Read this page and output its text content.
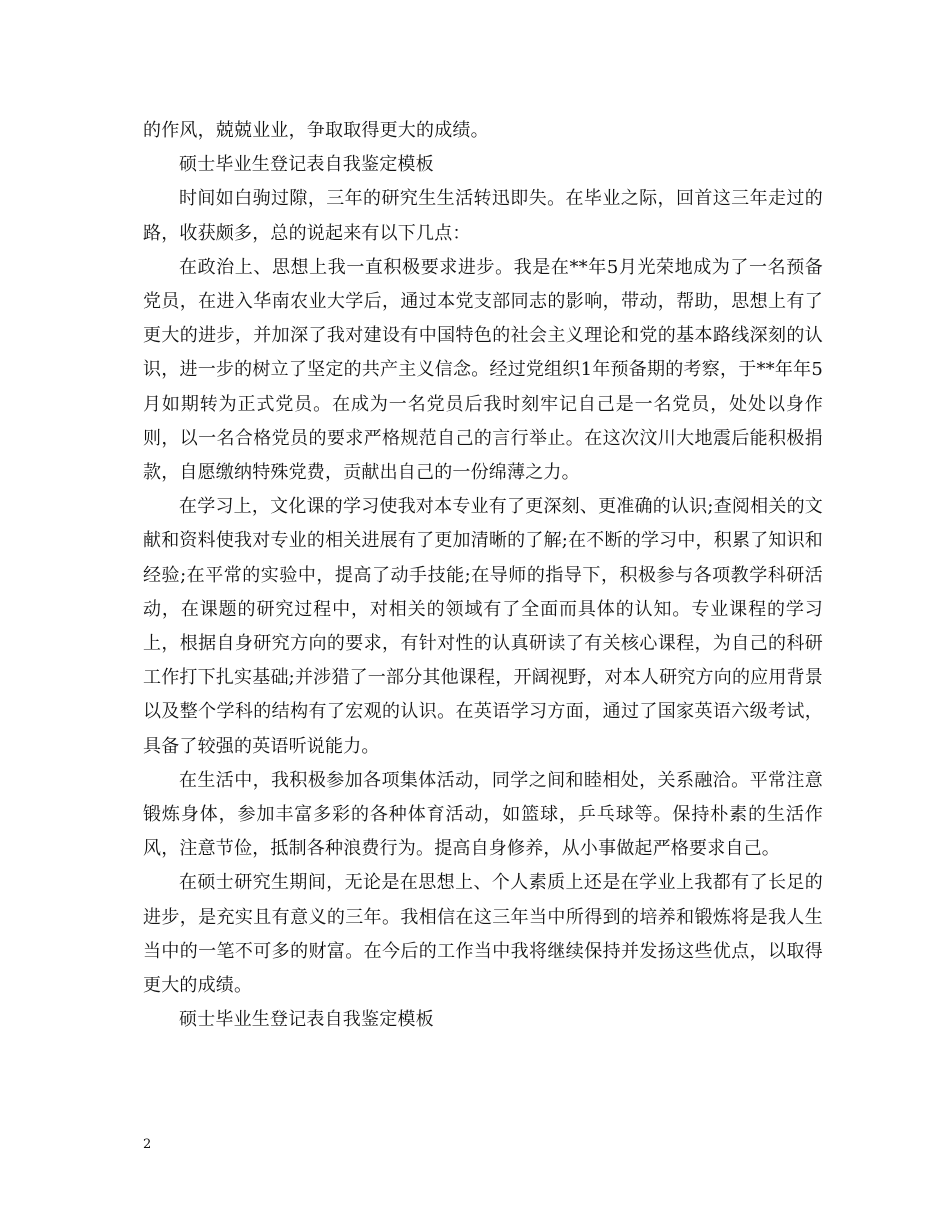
的作风，兢兢业业，争取取得更大的成绩。

硕士毕业生登记表自我鉴定模板

时间如白驹过隙，三年的研究生生活转迅即失。在毕业之际，回首这三年走过的路，收获颇多，总的说起来有以下几点：

在政治上、思想上我一直积极要求进步。我是在**年5月光荣地成为了一名预备党员，在进入华南农业大学后，通过本党支部同志的影响，带动，帮助，思想上有了更大的进步，并加深了我对建设有中国特色的社会主义理论和党的基本路线深刻的认识，进一步的树立了坚定的共产主义信念。经过党组织1年预备期的考察，于**年年5月如期转为正式党员。在成为一名党员后我时刻牢记自己是一名党员，处处以身作则，以一名合格党员的要求严格规范自己的言行举止。在这次汶川大地震后能积极捐款，自愿缴纳特殊党费，贡献出自己的一份绵薄之力。

在学习上，文化课的学习使我对本专业有了更深刻、更准确的认识;查阅相关的文献和资料使我对专业的相关进展有了更加清晰的了解;在不断的学习中，积累了知识和经验;在平常的实验中，提高了动手技能;在导师的指导下，积极参与各项教学科研活动，在课题的研究过程中，对相关的领域有了全面而具体的认知。专业课程的学习上，根据自身研究方向的要求，有针对性的认真研读了有关核心课程，为自己的科研工作打下扎实基础;并涉猎了一部分其他课程，开阔视野，对本人研究方向的应用背景以及整个学科的结构有了宏观的认识。在英语学习方面，通过了国家英语六级考试，具备了较强的英语听说能力。

在生活中，我积极参加各项集体活动，同学之间和睦相处，关系融洽。平常注意锻炼身体，参加丰富多彩的各种体育活动，如篮球，乒乓球等。保持朴素的生活作风，注意节俭，抵制各种浪费行为。提高自身修养，从小事做起严格要求自己。

在硕士研究生期间，无论是在思想上、个人素质上还是在学业上我都有了长足的进步，是充实且有意义的三年。我相信在这三年当中所得到的培养和锻炼将是我人生当中的一笔不可多的财富。在今后的工作当中我将继续保持并发扬这些优点，以取得更大的成绩。

硕士毕业生登记表自我鉴定模板

2
